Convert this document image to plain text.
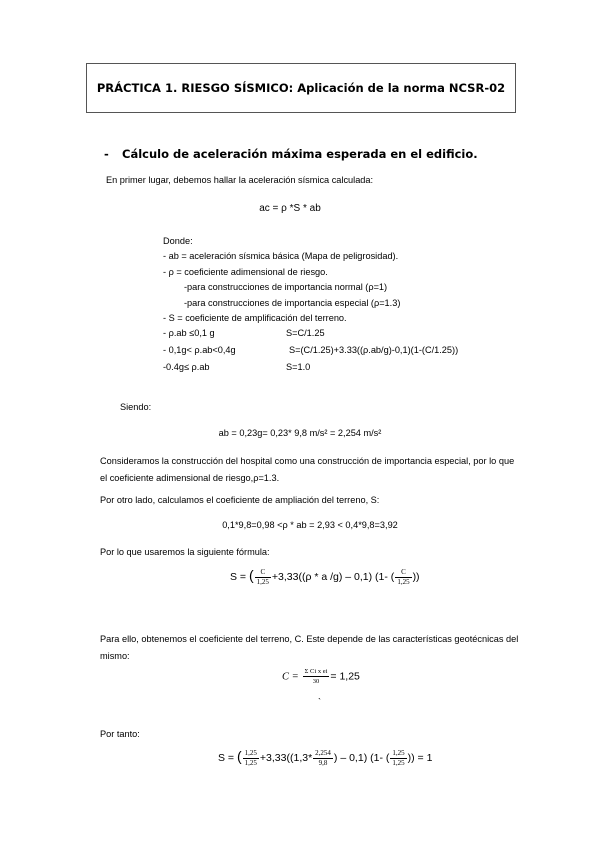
PRÁCTICA 1. RIESGO SÍSMICO: Aplicación de la norma NCSR-02
- Cálculo de aceleración máxima esperada en el edificio.
En primer lugar, debemos hallar la aceleración sísmica calculada:
ac = ρ *S * ab
Donde:
- ab = aceleración sísmica básica (Mapa de peligrosidad).
- ρ = coeficiente adimensional de riesgo.
-para construcciones de importancia normal (ρ=1)
-para construcciones de importancia especial (ρ=1.3)
- S = coeficiente de amplificación del terreno.
- ρ.ab ≤0,1 g	S=C/1.25
- 0,1g< ρ.ab<0,4g	S=(C/1.25)+3.33((ρ.ab/g)-0,1)(1-(C/1.25))
-0.4g≤ ρ.ab	S=1.0
Siendo:
ab = 0,23g= 0,23* 9,8 m/s² = 2,254 m/s²
Consideramos la construcción del hospital como una construcción de importancia especial, por lo que el coeficiente adimensional de riesgo,ρ=1.3.
Por otro lado, calculamos el coeficiente de ampliación del terreno, S:
0,1*9,8=0,98 <ρ * ab = 2,93 < 0,4*9,8=3,92
Por lo que usaremos la siguiente fórmula:
S = ( $\frac{C}{1,25} +3,33((\rho * a$ /g) – 0,1) (1- ( $\frac{C}{1,25}$ ))
Para ello, obtenemos el coeficiente del terreno, C. Este depende de las características geotécnicas del mismo:
$C = \frac{\text{Σ Ci x ei}}{30} = 1,25$
`
Por tanto:
S = ( $\frac{1,25}{1,25} +3,33((1,3* \frac{2,254}{9,8}$ ) – 0,1) (1- ( $\frac{1,25}{1,25}$ )) = 1
